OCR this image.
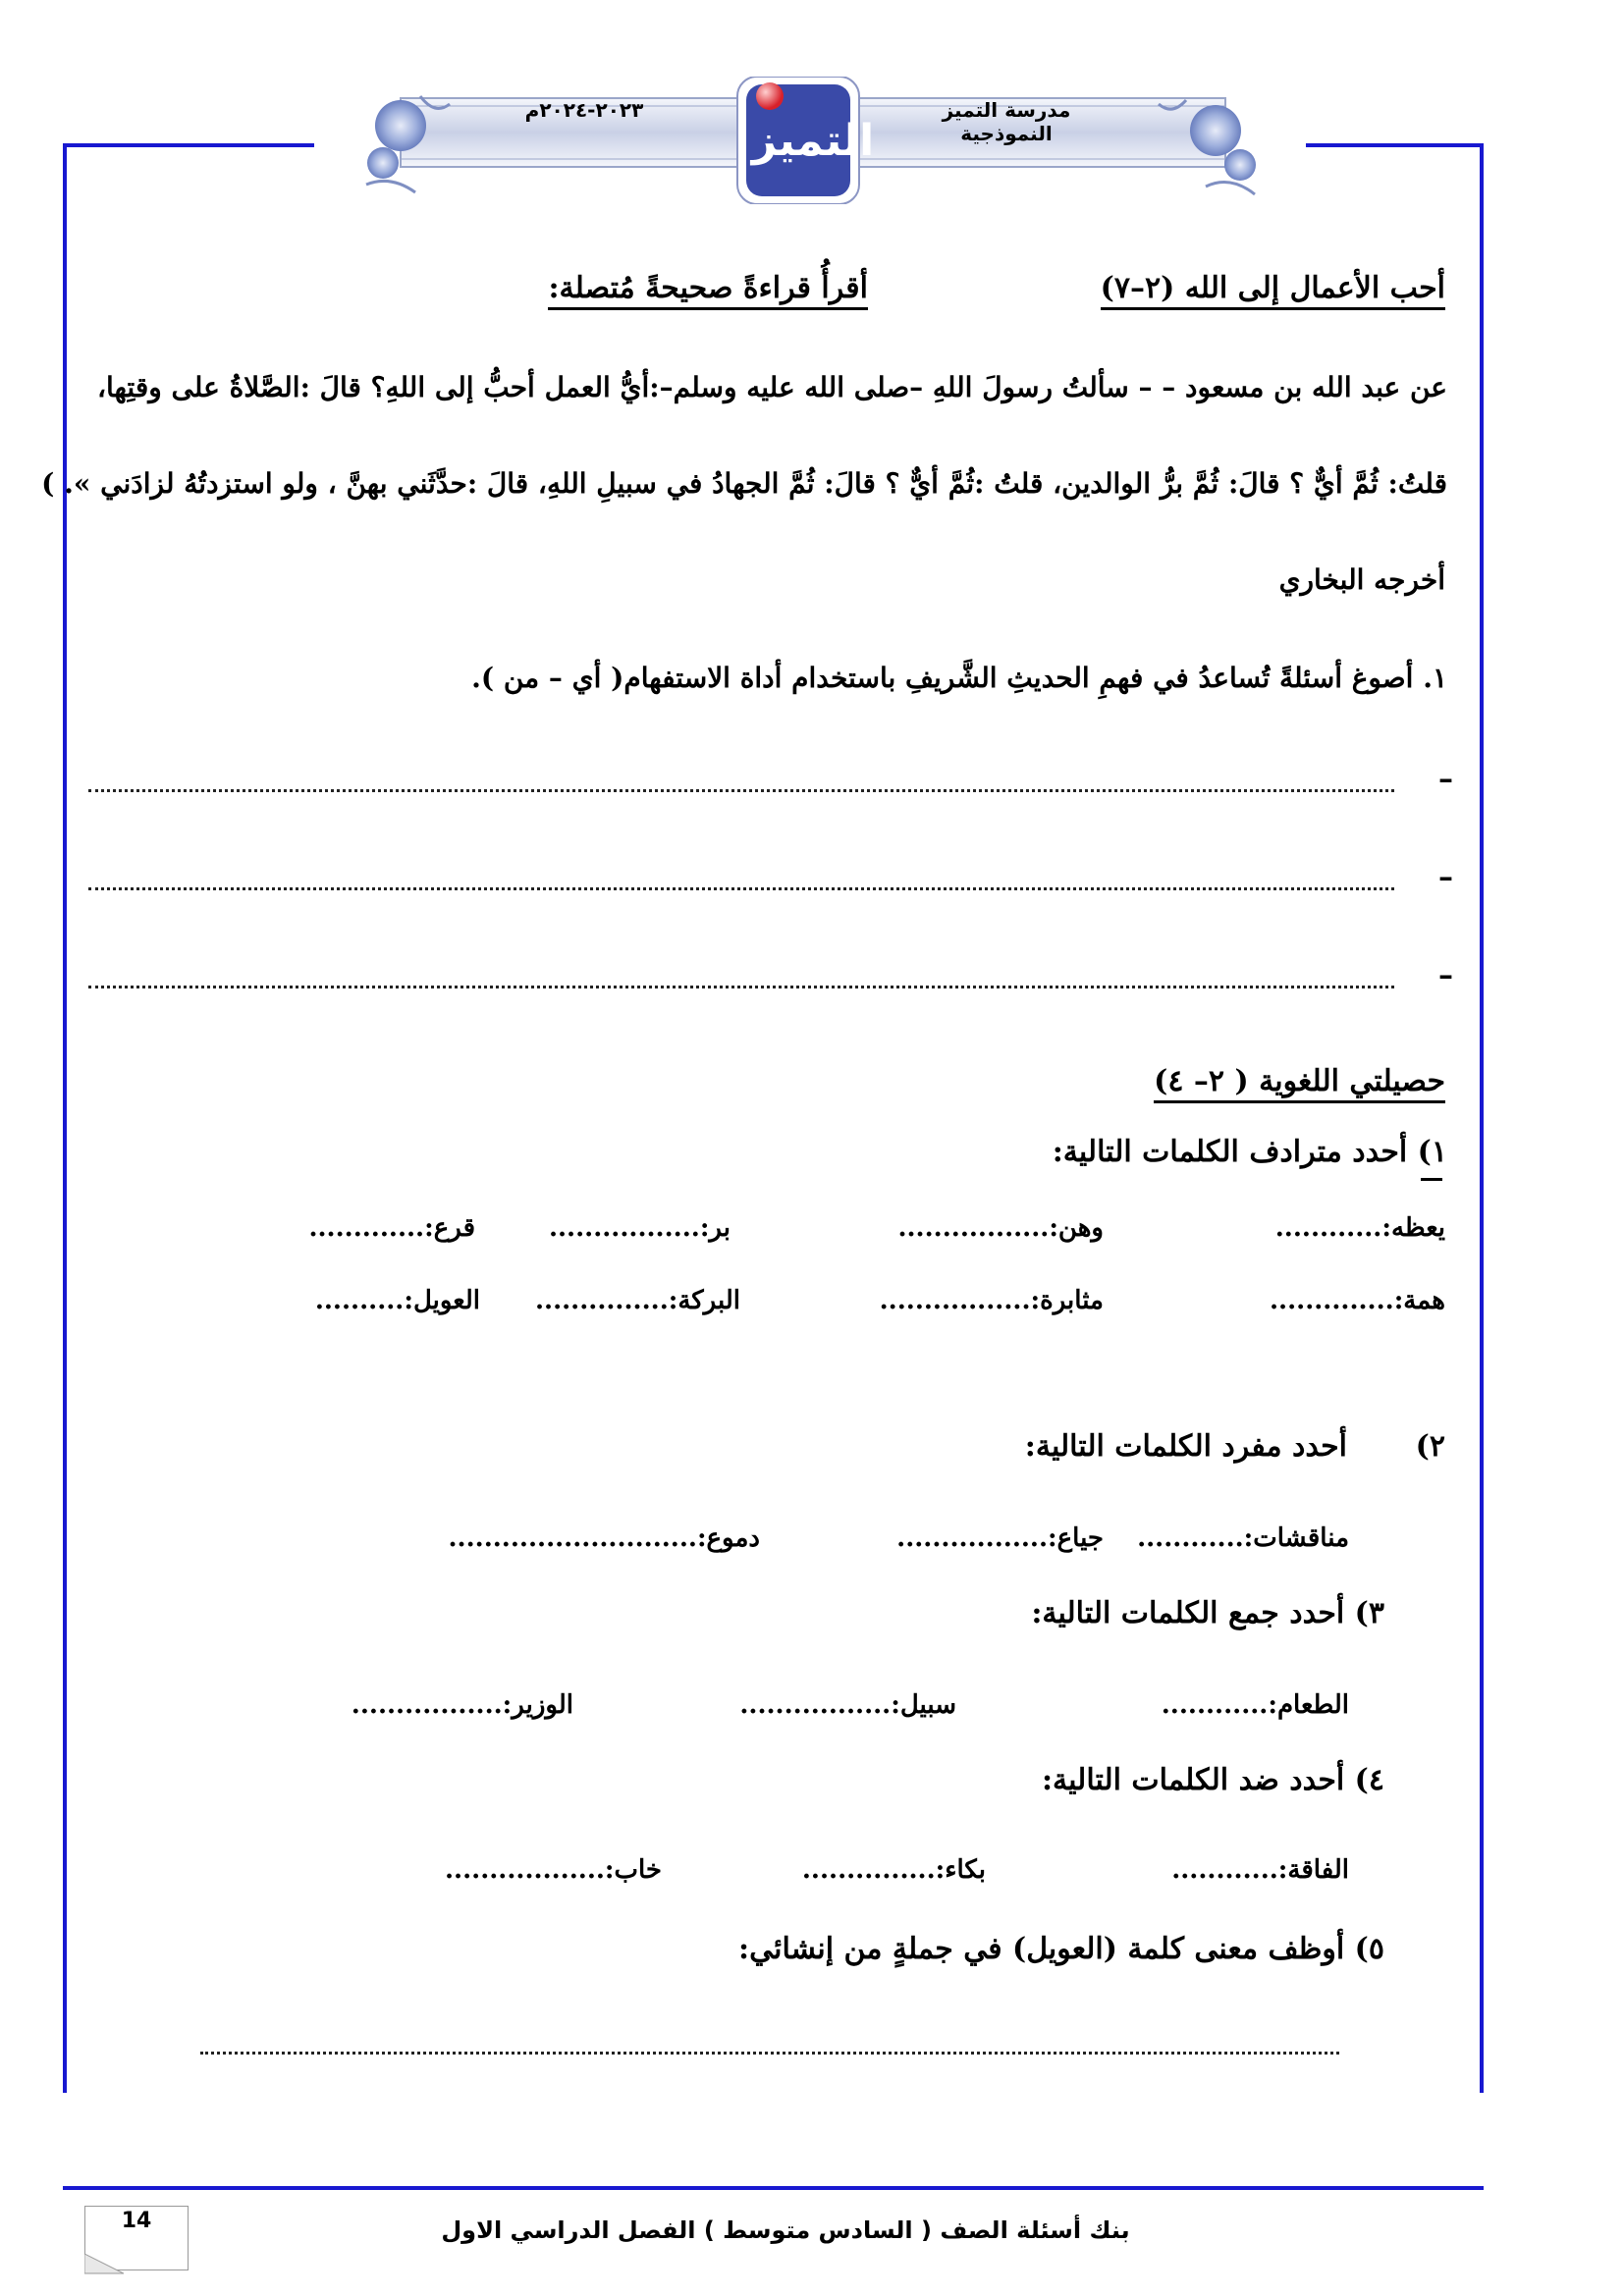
التميز
مدرسة التميز النموذجية
٢٠٢٣-٢٠٢٤م
أحب الأعمال إلى الله (٢–٧)
أقرأُ قراءةً صحيحةً مُتصلة:
عن عبد الله بن مسعود – – سألتُ رسولَ اللهِ –صلى الله عليه وسلم–:أيُّ العمل أحبُّ إلى اللهِ؟ قالَ :الصَّلاةُ على وقتِها،
قلتُ: ثُمَّ أيٌّ ؟ قالَ: ثُمَّ برُّ الوالدين، قلتُ :ثُمَّ أيٌّ ؟ قالَ: ثُمَّ الجهادُ في سبيلِ اللهِ، قالَ :حدَّثَني بهنَّ ، ولو استزدتُهُ لزادَني ». )
أخرجه البخاري
١. أصوغ أسئلةً تُساعدُ في فهمِ الحديثِ الشَّريفِ باستخدام أداة الاستفهام( أي – من ).
–
–
–
حصيلتي اللغوية ( ٢– ٤)
١) أحدد مترادف الكلمات التالية:
يعظه:............
وهن:.................
بر:.................
قرع:.............
همة:..............
مثابرة:.................
البركة:...............
العويل:..........
٢)
أحدد مفرد الكلمات التالية:
مناقشات:............
جياع:.................
دموع:............................
٣) أحدد جمع الكلمات التالية:
الطعام:............
سبيل:.................
الوزير:.................
٤) أحدد ضد الكلمات التالية:
الفاقة:............
بكاء:...............
خاب:..................
٥) أوظف معنى كلمة (العويل) في جملةٍ من إنشائي:
14	بنك أسئلة الصف ( السادس متوسط ) الفصل الدراسي الاول
